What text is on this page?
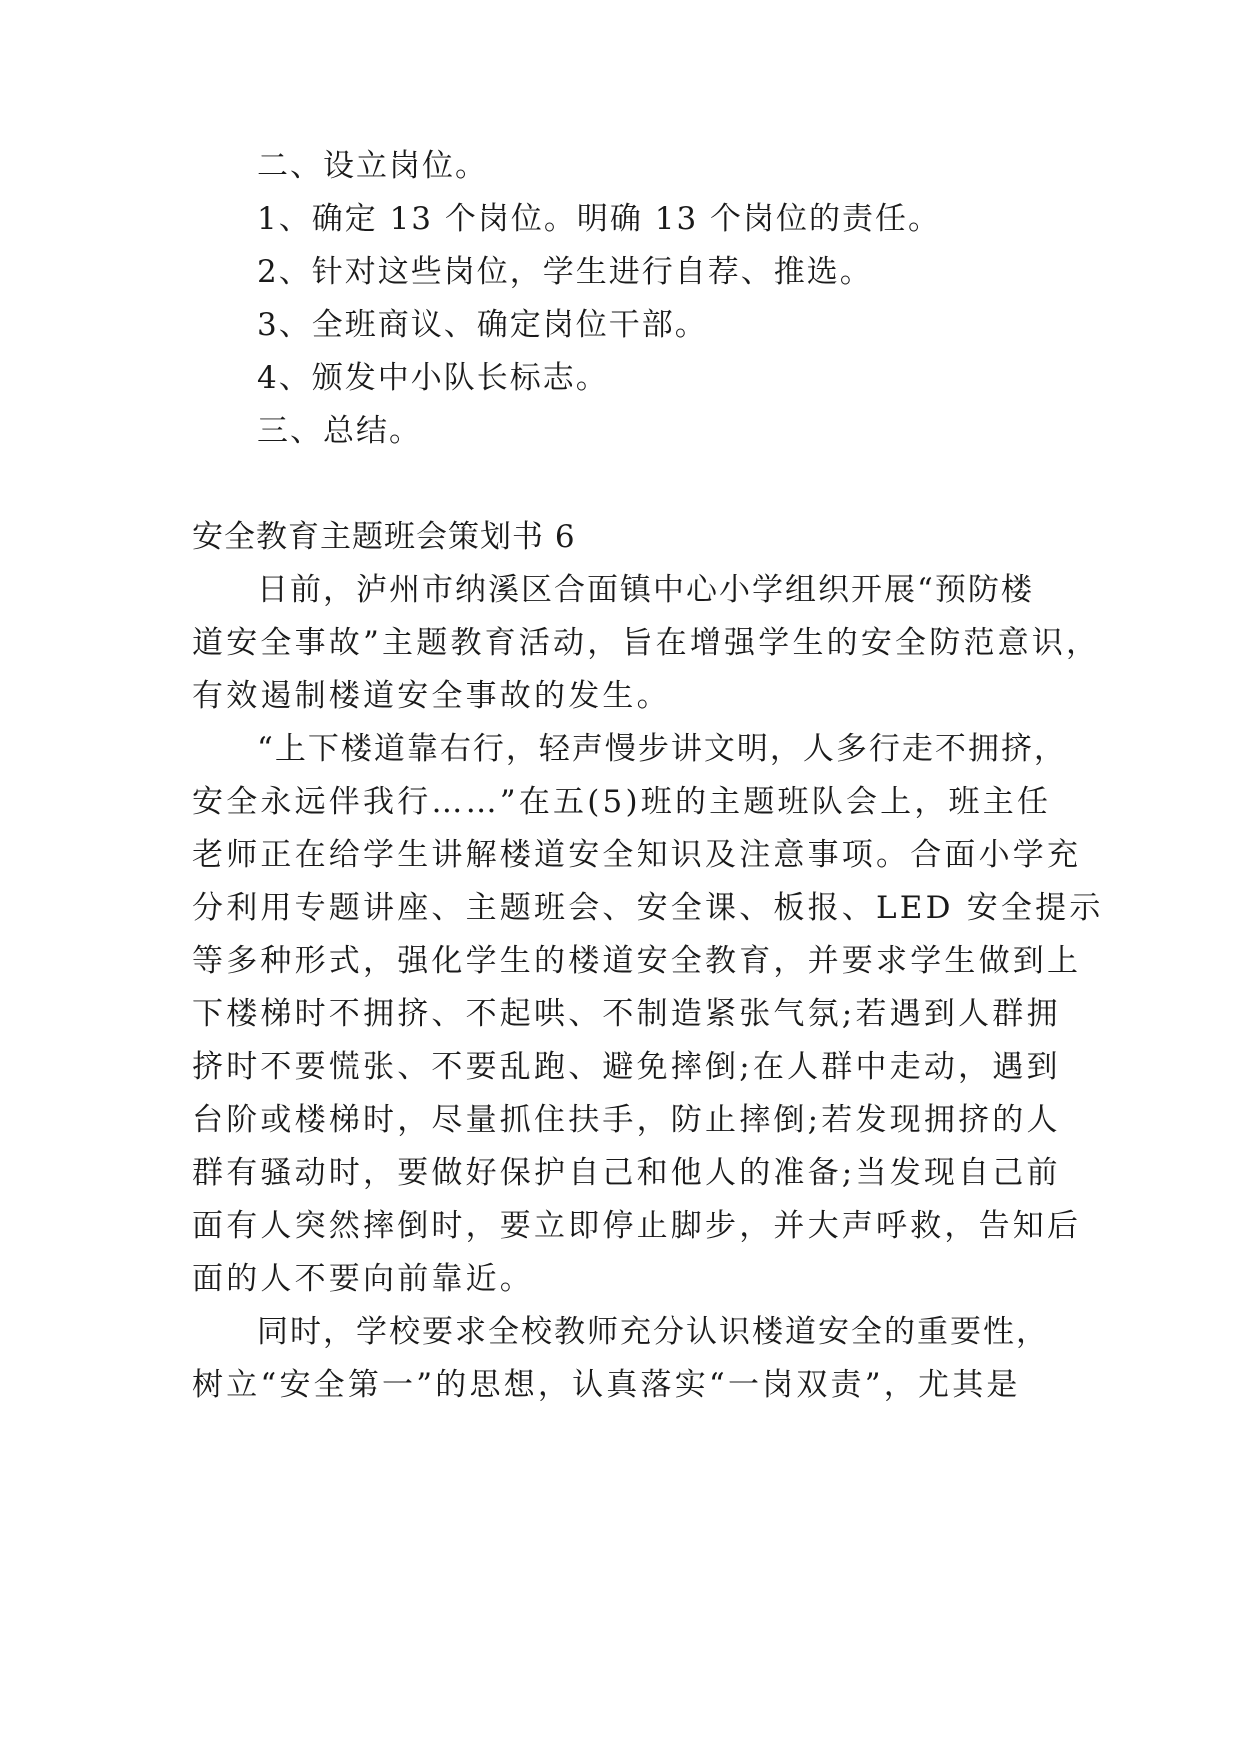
二、设立岗位。
1、确定 13 个岗位。明确 13 个岗位的责任。
2、针对这些岗位，学生进行自荐、推选。
3、全班商议、确定岗位干部。
4、颁发中小队长标志。
三、总结。
安全教育主题班会策划书 6
日前，泸州市纳溪区合面镇中心小学组织开展“预防楼
道安全事故”主题教育活动，旨在增强学生的安全防范意识，
有效遏制楼道安全事故的发生。
“上下楼道靠右行，轻声慢步讲文明，人多行走不拥挤，
安全永远伴我行……”在五(5)班的主题班队会上，班主任
老师正在给学生讲解楼道安全知识及注意事项。合面小学充
分利用专题讲座、主题班会、安全课、板报、LED 安全提示
等多种形式，强化学生的楼道安全教育，并要求学生做到上
下楼梯时不拥挤、不起哄、不制造紧张气氛;若遇到人群拥
挤时不要慌张、不要乱跑、避免摔倒;在人群中走动，遇到
台阶或楼梯时，尽量抓住扶手，防止摔倒;若发现拥挤的人
群有骚动时，要做好保护自己和他人的准备;当发现自己前
面有人突然摔倒时，要立即停止脚步，并大声呼救，告知后
面的人不要向前靠近。
同时，学校要求全校教师充分认识楼道安全的重要性，
树立“安全第一”的思想，认真落实“一岗双责”，尤其是
